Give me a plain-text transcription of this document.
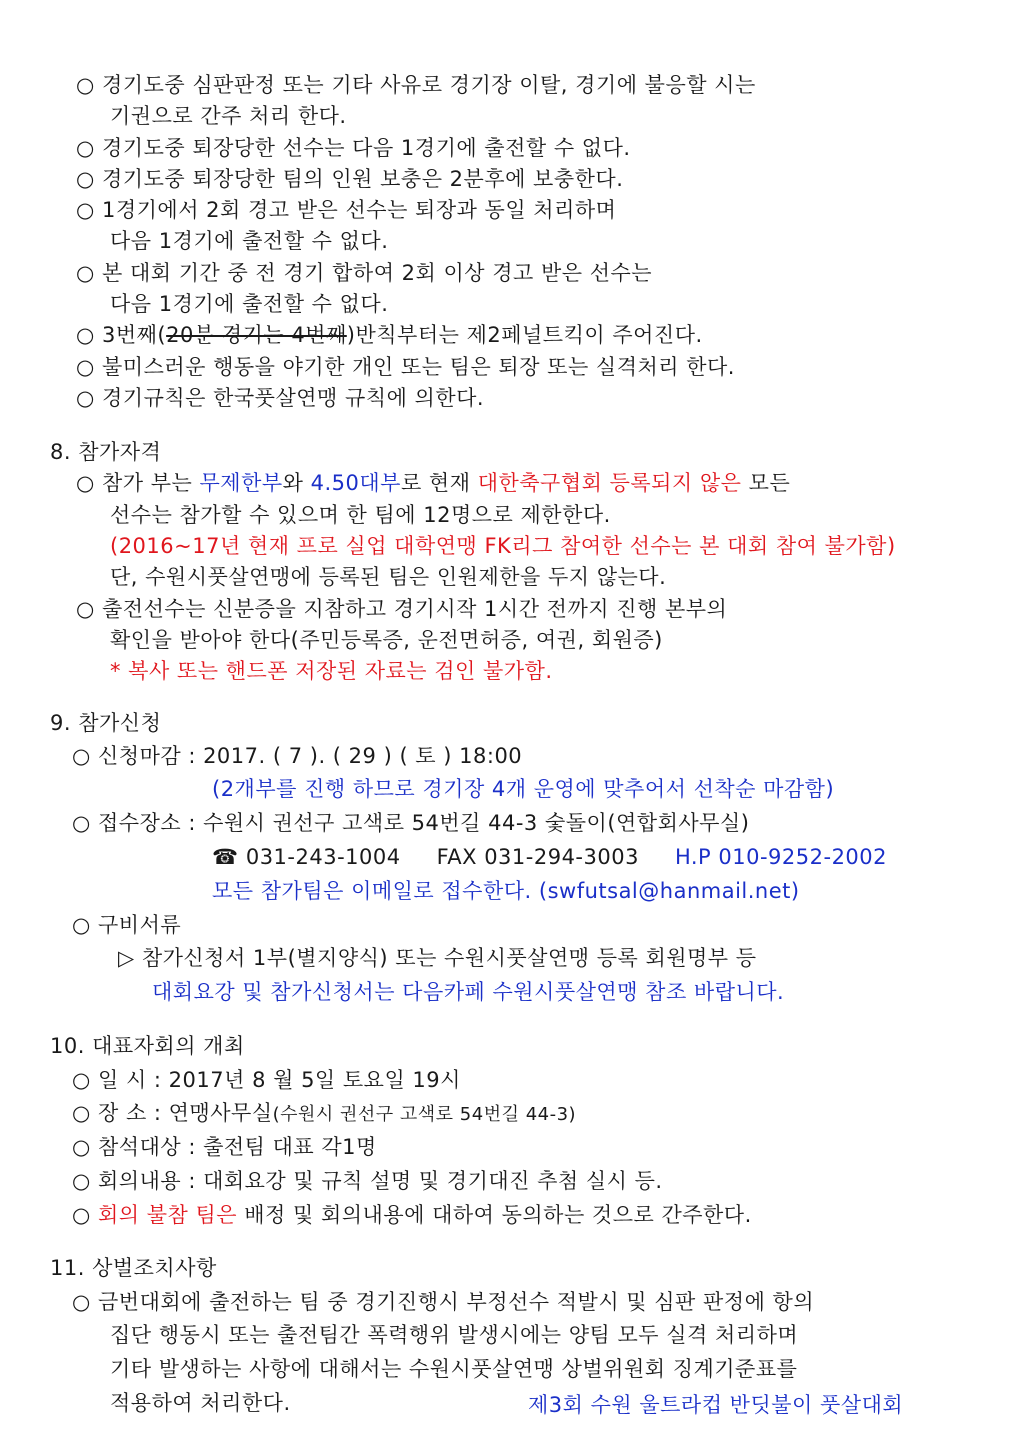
○ 경기도중 심판판정 또는 기타 사유로 경기장 이탈, 경기에 불응할 시는
기권으로 간주 처리 한다.
○ 경기도중 퇴장당한 선수는 다음 1경기에 출전할 수 없다.
○ 경기도중 퇴장당한 팀의 인원 보충은 2분후에 보충한다.
○ 1경기에서 2회 경고 받은 선수는 퇴장과 동일 처리하며
다음 1경기에 출전할 수 없다.
○ 본 대회 기간 중 전 경기 합하여 2회 이상 경고 받은 선수는
다음 1경기에 출전할 수 없다.
○ 3번째(20분 경기는 4번째)반칙부터는 제2페널트킥이 주어진다.
○ 불미스러운 행동을 야기한 개인 또는 팀은 퇴장 또는 실격처리 한다.
○ 경기규칙은 한국풋살연맹 규칙에 의한다.
8. 참가자격
○ 참가 부는 무제한부와 4.50대부로 현재 대한축구협회 등록되지 않은 모든
선수는 참가할 수 있으며 한 팀에 12명으로 제한한다.
(2016~17년 현재 프로 실업 대학연맹 FK리그 참여한 선수는 본 대회 참여 불가함)
단, 수원시풋살연맹에 등록된 팀은 인원제한을 두지 않는다.
○ 출전선수는 신분증을 지참하고 경기시작 1시간 전까지 진행 본부의
확인을 받아야 한다(주민등록증, 운전면허증, 여권, 회원증)
* 복사 또는 핸드폰 저장된 자료는 검인 불가함.
9. 참가신청
○ 신청마감 : 2017. ( 7 ). ( 29 ) ( 토 ) 18:00
(2개부를 진행 하므로 경기장 4개 운영에 맞추어서 선착순 마감함)
○ 접수장소 : 수원시 권선구 고색로 54번길 44-3 숯돌이(연합회사무실)
☎ 031-243-1004 FAX 031-294-3003 H.P 010-9252-2002
모든 참가팀은 이메일로 접수한다. (swfutsal@hanmail.net)
○ 구비서류
▷ 참가신청서 1부(별지양식) 또는 수원시풋살연맹 등록 회원명부 등
대회요강 및 참가신청서는 다음카페 수원시풋살연맹 참조 바랍니다.
10. 대표자회의 개최
○ 일 시 : 2017년 8 월 5일 토요일 19시
○ 장 소 : 연맹사무실(수원시 권선구 고색로 54번길 44-3)
○ 참석대상 : 출전팀 대표 각1명
○ 회의내용 : 대회요강 및 규칙 설명 및 경기대진 추첨 실시 등.
○ 회의 불참 팀은 배정 및 회의내용에 대하여 동의하는 것으로 간주한다.
11. 상벌조치사항
○ 금번대회에 출전하는 팀 중 경기진행시 부정선수 적발시 및 심판 판정에 항의
집단 행동시 또는 출전팀간 폭력행위 발생시에는 양팀 모두 실격 처리하며
기타 발생하는 사항에 대해서는 수원시풋살연맹 상벌위원회 징계기준표를
적용하여 처리한다.	제3회 수원 울트라컵 반딧불이 풋살대회
